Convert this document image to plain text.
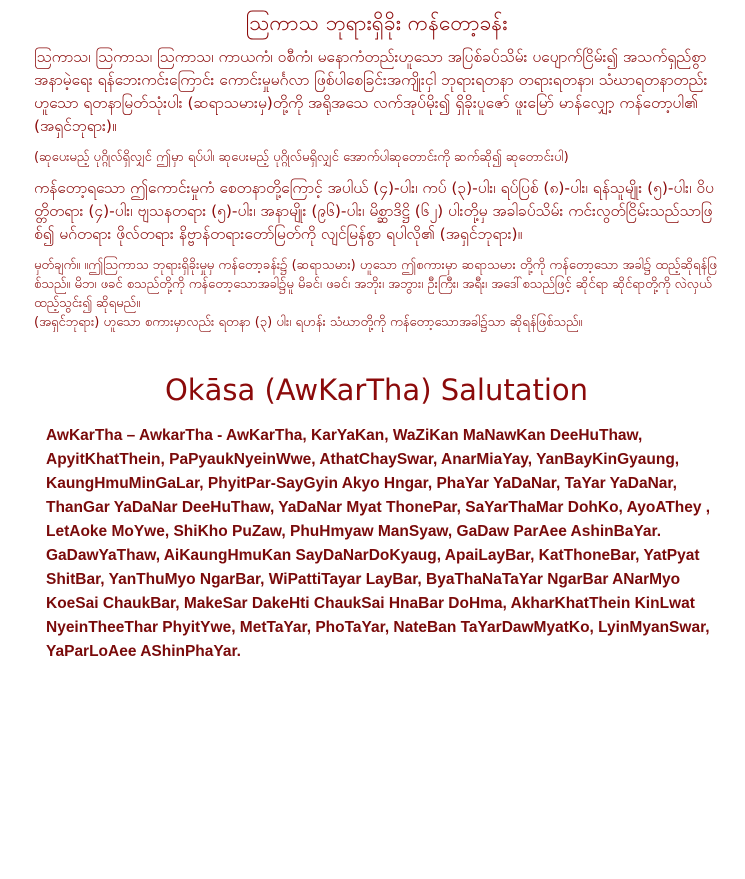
ဩကာသ ဘုရားရှိခိုး ကန်တော့ခန်း

ဩကာသ၊ ဩကာသ၊ ဩကာသ၊ ကာယကံ၊ ဝစီကံ၊ မနောကံတည်းဟူသော အပြစ်ခပ်သိမ်း ပပျောက်ငြိမ်း၍ အသက်ရှည်စွာ အနာမဲ့ရေး ရန်ဘေးကင်းကြောင်း ကောင်းမှုမင်္ဂလာ ဖြစ်ပါစေခြင်းအကျိုးငှါ ဘုရားရတနာ တရားရတနာ၊ သံဃာရတနာတည်း ဟူသော ရတနာမြတ်သုံးပါး (ဆရာသမားမှ)တို့ကို အရိုအသေ လက်အုပ်မိုး၍ ရှိခိုးပူဇော် ဖူးမြော် မာန်လျှော့ ကန်တော့ပါ၏ (အရှင်ဘုရား)။

(ဆုပေးမည့် ပုဂ္ဂိုလ်ရှိလျှင် ဤမှာ ရပ်ပါ၊ ဆုပေးမည့် ပုဂ္ဂိုလ်မရှိလျှင် အောက်ပါဆုတောင်းကို ဆက်ဆို၍ ဆုတောင်းပါ)

ကန်တော့ရသော ဤကောင်းမှုကံ စေတနာတို့ကြောင့် အပါယ် (၄)-ပါး၊ ကပ် (၃)-ပါး၊ ရပ်ပြစ် (၈)-ပါး၊ ရန်သူမျိုး (၅)-ပါး၊ ဝိပတ္တိတရား (၄)-ပါး၊ ဗျသနတရား (၅)-ပါး၊ အနာမျိုး (၉၆)-ပါး၊ မိစ္ဆာဒိဋ္ဌိ (၆၂) ပါးတို့မှ အခါခပ်သိမ်း ကင်းလွတ်ငြိမ်းသည်သာဖြစ်၍ မဂ်တရား ဖိုလ်တရား နိဗ္ဗာန်တရားတော်မြတ်ကို လျင်မြန်စွာ ရပါလို၏ (အရှင်ဘုရား)။

မှတ်ချက်။ ။ဤဩကာသ ဘုရားရှိခိုးမှုမှ ကန်တော့ခန်း၌ (ဆရာသမား) ဟူသော ဤစကားမှာ ဆရာသမား တို့ကို ကန်တော့သော အခါ၌ ထည့်ဆိုရန်ဖြစ်သည်။ မိဘ၊ ဖခင် စသည်တို့ကို ကန်တော့သောအခါ၌မူ မိခင်၊ ဖခင်၊ အဘိုး၊ အဘွား၊ ဦးကြီး၊ အရီး၊ အဒေါ်စသည်ဖြင့် ဆိုင်ရာ ဆိုင်ရာတို့ကို လဲလှယ် ထည့်သွင်း၍ ဆိုရမည်။

(အရှင်ဘုရား) ဟူသော စကားမှာလည်း ရတနာ (၃) ပါး၊ ရဟန်း သံဃာတို့ကို ကန်တော့သောအခါ၌သာ ဆိုရန်ဖြစ်သည်။

Okāsa (AwKarTha) Salutation
AwKarTha – AwkarTha - AwKarTha, KarYaKan, WaZiKan MaNawKan DeeHuThaw, ApyitKhatThein, PaPyaukNyeinWwe, AthatChaySwar, AnarMiaYay, YanBayKinGyaung, KaungHmuMinGaLar, PhyitPar-SayGyin Akyo Hngar, PhaYar YaDaNar, TaYar YaDaNar, ThanGar YaDaNar DeeHuThaw, YaDaNar Myat ThonePar, SaYarThaMar DohKo, AyoAThey , LetAoke MoYwe, ShiKho PuZaw, PhuHmyaw ManSyaw, GaDaw ParAee AshinBaYar.
GaDawYaThaw, AiKaungHmuKan SayDaNarDoKyaug, ApaiLayBar, KatThoneBar, YatPyat ShitBar, YanThuMyo NgarBar, WiPattiTayar LayBar, ByaThaNaTaYar NgarBar ANarMyo KoeSai ChaukBar, MakeSar DakeHti ChaukSai HnaBar DoHma, AkharKhatThein KinLwat NyeinTheeThar PhyitYwe, MetTaYar, PhoTaYar, NateBan TaYarDawMyatKo, LyinMyanSwar, YaParLoAee AShinPhaYar.
